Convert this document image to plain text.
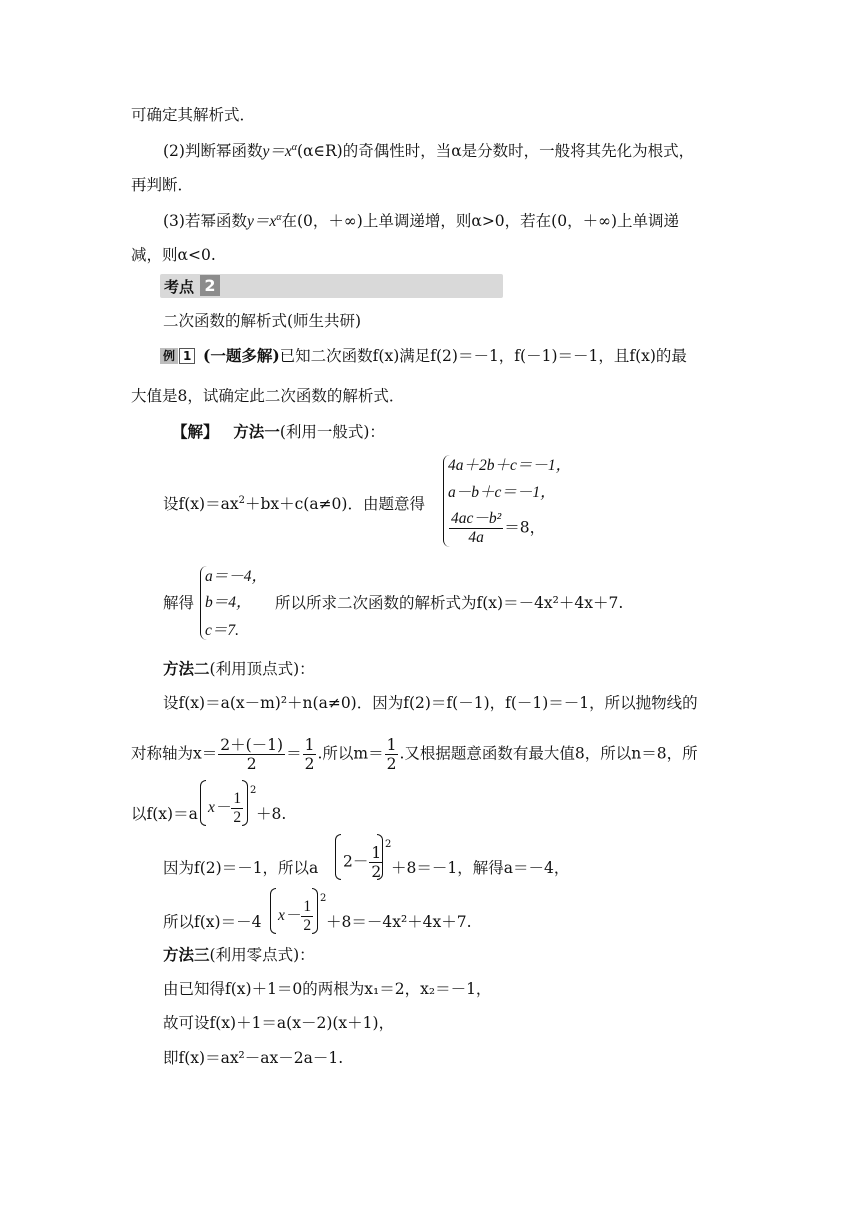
可确定其解析式．
(2)判断幂函数$y=x^\alpha(\alpha\in R)$的奇偶性时，当α是分数时，一般将其先化为根式，
再判断．
(3)若幂函数$y=x^\alpha$在(0，＋∞)上单调递增，则α>0，若在(0，＋∞)上单调递
减，则α<0.
考点 2
二次函数的解析式(师生共研)
例 1 (一题多解)已知二次函数f(x)满足f(2)＝－1，f(－1)＝－1，且f(x)的最
大值是8，试确定此二次函数的解析式．
【解】 方法一(利用一般式)：
设$f(x)=ax^2+bx+c(a\ne 0)$．由题意得
4a＋2b＋c＝－1，
a－b＋c＝－1，
$\frac{\text{4ac－b²}}{4a} =8$，
解得
a＝－4，
b＝4，
c＝7.
所以所求二次函数的解析式为f(x)＝－4x²＋4x＋7.
方法二(利用顶点式)：
设f(x)＝a(x－m)²＋n(a≠0)．因为f(2)＝f(－1)，f(－1)＝－1，所以抛物线的
对称轴为$x= \frac{2+(-1)}{2} = \frac{1}{2}$ .所以$m= \frac{1}{2}$ .又根据题意函数有最大值8，所以n＝8，所
以f(x)＝a $x- \frac{1}{2} 2$
＋8.
因为f(2)＝－1，所以a $2- \frac{1}{2} 2$
＋8＝－1，解得a＝－4，
所以f(x)＝－4 $x- \frac{1}{2} 2$
＋8＝－4x²＋4x＋7.
方法三(利用零点式)：
由已知得f(x)＋1＝0的两根为x₁＝2，x₂＝－1，
故可设f(x)＋1＝a(x－2)(x＋1)，
即f(x)＝ax²－ax－2a－1.
